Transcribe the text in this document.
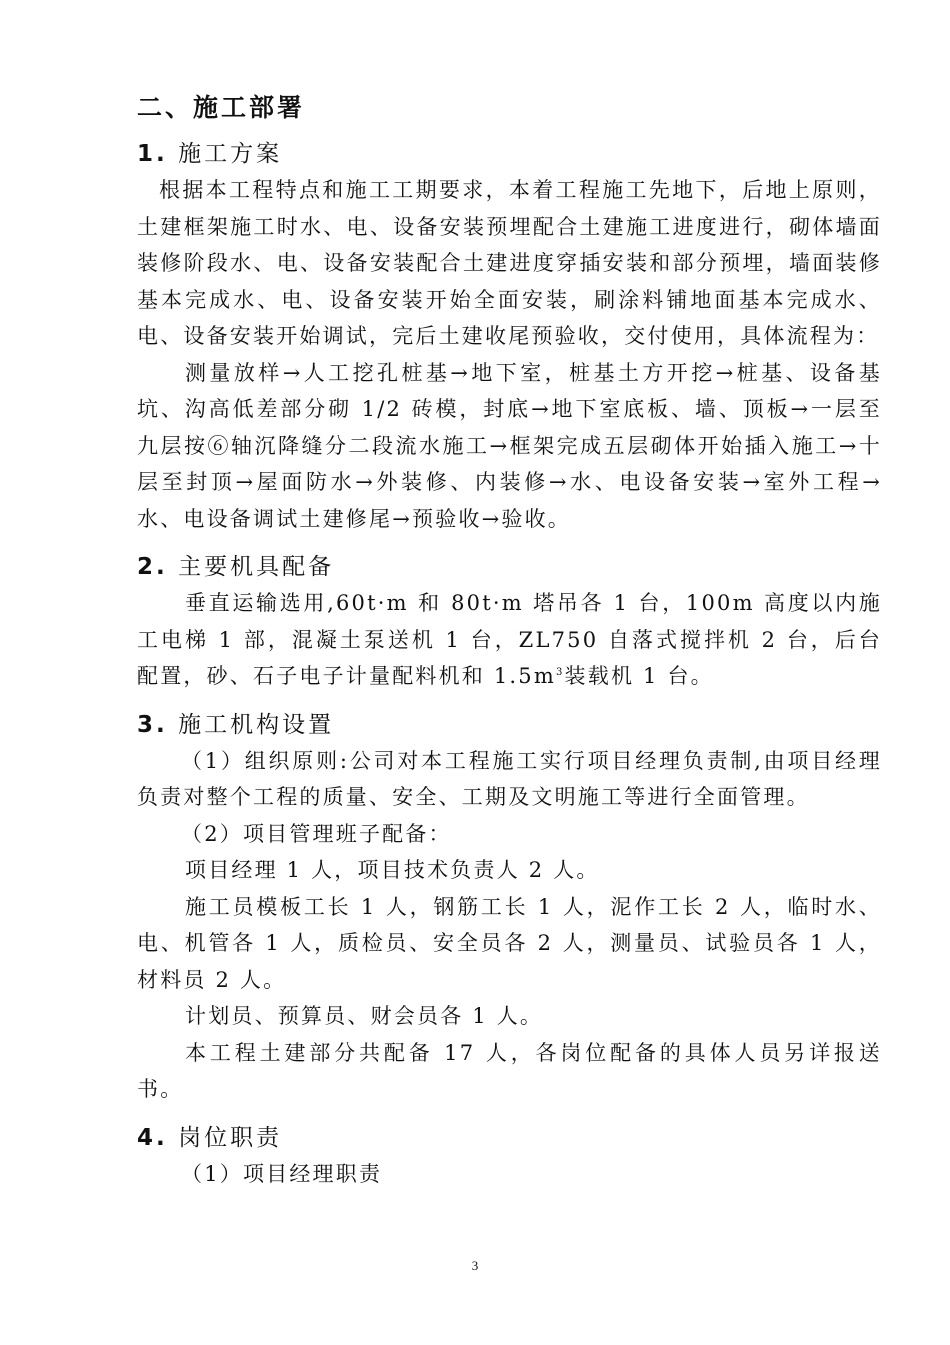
二、施工部署
1. 施工方案

根据本工程特点和施工工期要求，本着工程施工先地下，后地上原则，土建框架施工时水、电、设备安装预埋配合土建施工进度进行，砌体墙面装修阶段水、电、设备安装配合土建进度穿插安装和部分预埋，墙面装修基本完成水、电、设备安装开始全面安装，刷涂料铺地面基本完成水、电、设备安装开始调试，完后土建收尾预验收，交付使用，具体流程为：

测量放样→人工挖孔桩基→地下室，桩基土方开挖→桩基、设备基坑、沟高低差部分砌 1/2 砖模，封底→地下室底板、墙、顶板→一层至九层按⑥轴沉降缝分二段流水施工→框架完成五层砌体开始插入施工→十层至封顶→屋面防水→外装修、内装修→水、电设备安装→室外工程→水、电设备调试土建修尾→预验收→验收。

2. 主要机具配备

垂直运输选用,60t·m 和 80t·m 塔吊各 1 台，100m 高度以内施工电梯 1 部，混凝土泵送机 1 台，ZL750 自落式搅拌机 2 台，后台配置，砂、石子电子计量配料机和 $1.5m^3$装载机 1 台。

3. 施工机构设置

（1）组织原则:公司对本工程施工实行项目经理负责制,由项目经理负责对整个工程的质量、安全、工期及文明施工等进行全面管理。

（2）项目管理班子配备：

项目经理 1 人，项目技术负责人 2 人。

施工员模板工长 1 人，钢筋工长 1 人，泥作工长 2 人，临时水、电、机管各 1 人，质检员、安全员各 2 人，测量员、试验员各 1 人，材料员 2 人。

计划员、预算员、财会员各 1 人。

本工程土建部分共配备 17 人，各岗位配备的具体人员另详报送书。

4. 岗位职责

（1）项目经理职责

3
